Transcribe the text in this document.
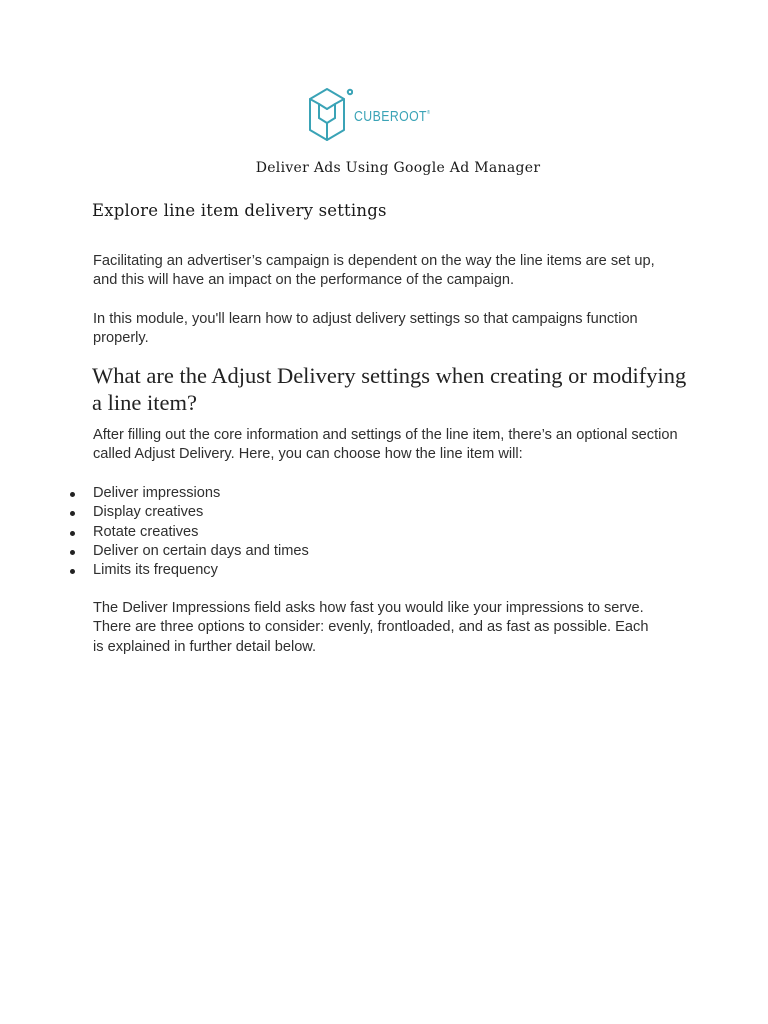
CUBEROOT®
Deliver Ads Using Google Ad Manager
Explore line item delivery settings
Facilitating an advertiser’s campaign is dependent on the way the line items are set up, and this will have an impact on the performance of the campaign.
In this module, you'll learn how to adjust delivery settings so that campaigns function properly.
What are the Adjust Delivery settings when creating or modifying a line item?
After filling out the core information and settings of the line item, there’s an optional section called Adjust Delivery. Here, you can choose how the line item will:
Deliver impressions
Display creatives
Rotate creatives
Deliver on certain days and times
Limits its frequency
The Deliver Impressions field asks how fast you would like your impressions to serve. There are three options to consider: evenly, frontloaded, and as fast as possible. Each is explained in further detail below.
